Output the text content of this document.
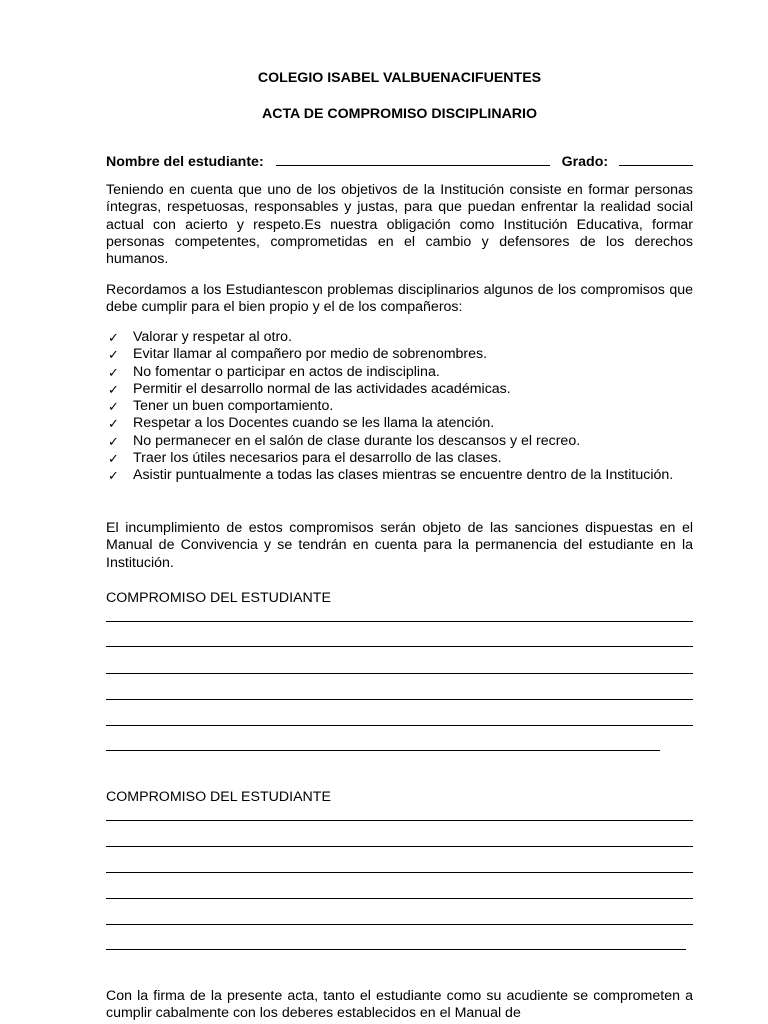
COLEGIO ISABEL VALBUENACIFUENTES
ACTA DE COMPROMISO DISCIPLINARIO
Nombre del estudiante:	Grado:

Teniendo en cuenta que uno de los objetivos de la Institución consiste en formar personas íntegras, respetuosas, responsables y justas, para que puedan enfrentar la realidad social actual con acierto y respeto.Es nuestra obligación como Institución Educativa, formar personas competentes, comprometidas en el cambio y defensores de los derechos humanos.

Recordamos a los Estudiantescon problemas disciplinarios algunos de los compromisos que debe cumplir para el bien propio y el de los compañeros:

✓ Valorar y respetar al otro.
✓ Evitar llamar al compañero por medio de sobrenombres.
✓ No fomentar o participar en actos de indisciplina.
✓ Permitir el desarrollo normal de las actividades académicas.
✓ Tener un buen comportamiento.
✓ Respetar a los Docentes cuando se les llama la atención.
✓ No permanecer en el salón de clase durante los descansos y el recreo.
✓ Traer los útiles necesarios para el desarrollo de las clases.
✓ Asistir puntualmente a todas las clases mientras se encuentre dentro de la Institución.

El incumplimiento de estos compromisos serán objeto de las sanciones dispuestas en el Manual de Convivencia y se tendrán en cuenta para la permanencia del estudiante en la Institución.

COMPROMISO DEL ESTUDIANTE
COMPROMISO DEL ESTUDIANTE

Con la firma de la presente acta, tanto el estudiante como su acudiente se comprometen a cumplir cabalmente con los deberes establecidos en el Manual de
